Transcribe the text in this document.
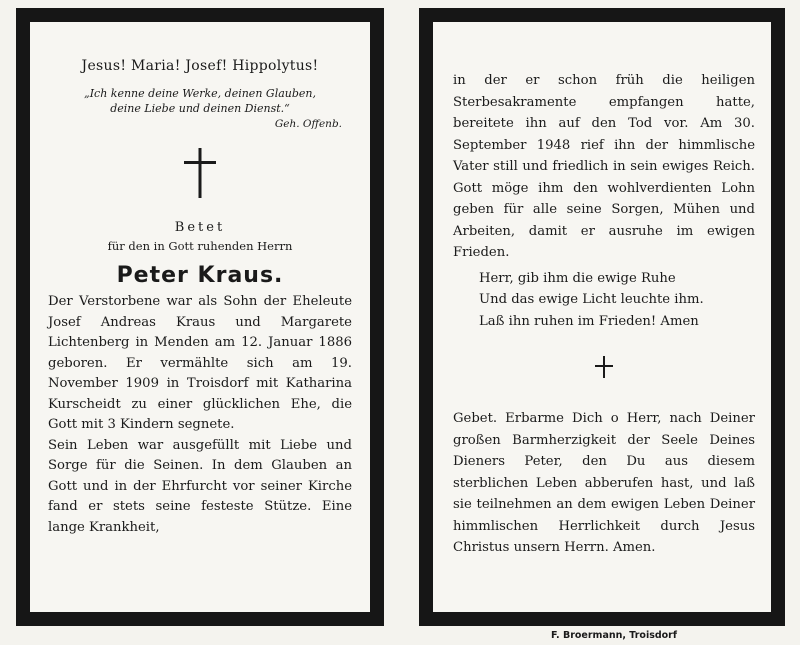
Jesus! Maria! Josef! Hippolytus!
„Ich kenne deine Werke, deinen Glauben,
deine Liebe und deinen Dienst.“
Geh. Offenb.
Betet
für den in Gott ruhenden Herrn
Peter Kraus.

Der Verstorbene war als Sohn der Eheleute Josef Andreas Kraus und Margarete Lichtenberg in Menden am 12. Januar 1886 geboren. Er vermählte sich am 19. November 1909 in Troisdorf mit Katharina Kurscheidt zu einer glücklichen Ehe, die Gott mit 3 Kindern segnete.

Sein Leben war ausgefüllt mit Liebe und Sorge für die Seinen. In dem Glauben an Gott und in der Ehrfurcht vor seiner Kirche fand er stets seine festeste Stütze. Eine lange Krankheit,

in der er schon früh die heiligen Sterbesakramente empfangen hatte, bereitete ihn auf den Tod vor. Am 30. September 1948 rief ihn der himmlische Vater still und friedlich in sein ewiges Reich. Gott möge ihm den wohlverdienten Lohn geben für alle seine Sorgen, Mühen und Arbeiten, damit er ausruhe im ewigen Frieden.
Herr, gib ihm die ewige Ruhe
Und das ewige Licht leuchte ihm.
Laß ihn ruhen im Frieden! Amen
Gebet. Erbarme Dich o Herr, nach Deiner großen Barmherzigkeit der Seele Deines Dieners Peter, den Du aus diesem sterblichen Leben abberufen hast, und laß sie teilnehmen an dem ewigen Leben Deiner himmlischen Herrlichkeit durch Jesus Christus unsern Herrn. Amen.
F. Broermann, Troisdorf
